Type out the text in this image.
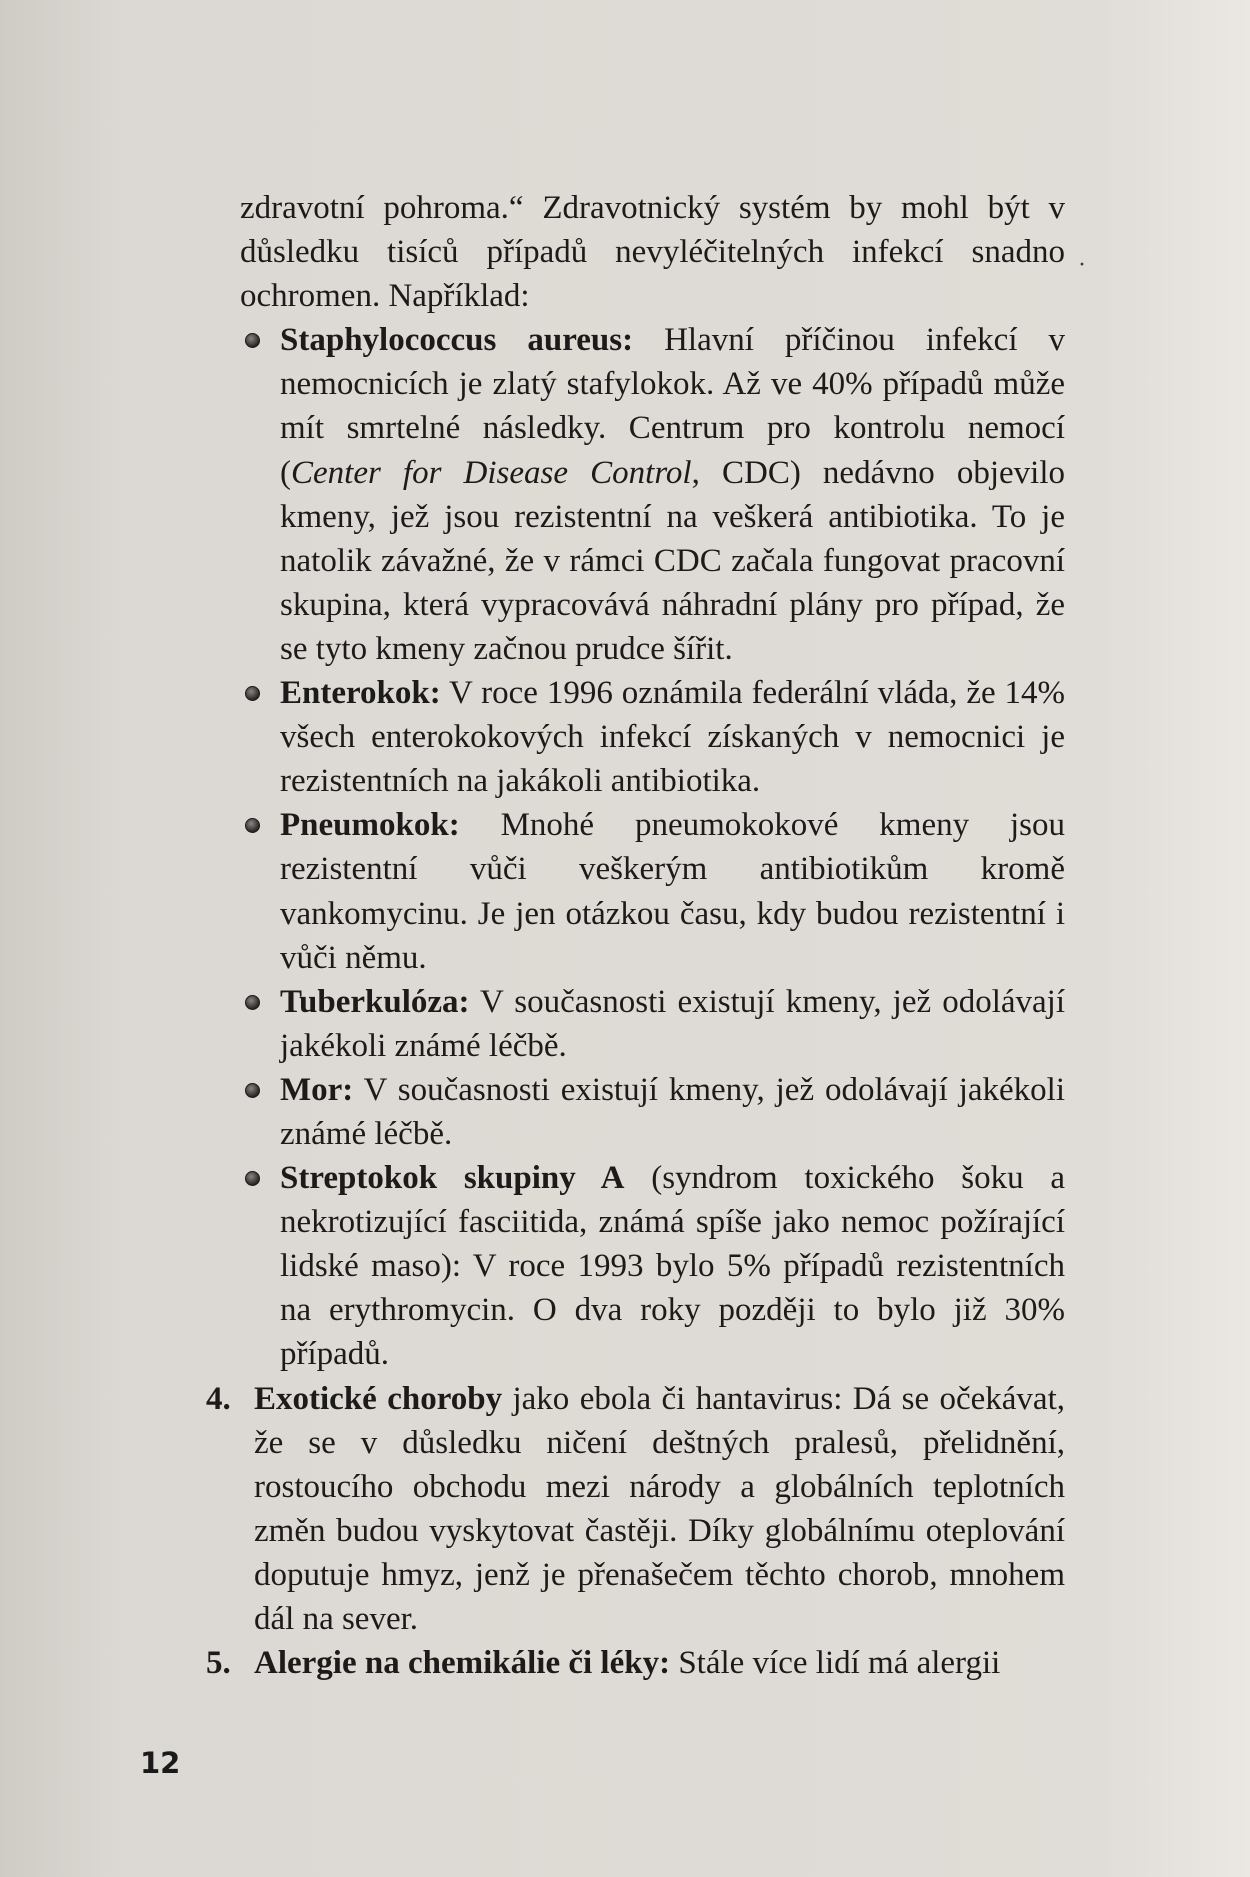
·

zdravotní pohroma.“ Zdravotnický systém by mohl být v důsledku tisíců případů nevyléčitelných infekcí snadno ochromen. Například:

Staphylococcus aureus: Hlavní příčinou infekcí v nemocnicích je zlatý stafylokok. Až ve 40% případů může mít smrtelné následky. Centrum pro kontrolu nemocí (Center for Disease Control, CDC) nedávno objevilo kmeny, jež jsou rezistentní na veškerá antibiotika. To je natolik závažné, že v rámci CDC začala fungovat pracovní skupina, která vypracovává náhradní plány pro případ, že se tyto kmeny začnou prudce šířit.
Enterokok: V roce 1996 oznámila federální vláda, že 14% všech enterokokových infekcí získaných v nemocnici je rezistentních na jakákoli antibiotika.
Pneumokok: Mnohé pneumokokové kmeny jsou rezistentní vůči veškerým antibiotikům kromě vankomycinu. Je jen otázkou času, kdy budou rezistentní i vůči němu.
Tuberkulóza: V současnosti existují kmeny, jež odolávají jakékoli známé léčbě.
Mor: V současnosti existují kmeny, jež odolávají jakékoli známé léčbě.
Streptokok skupiny A (syndrom toxického šoku a nekrotizující fasciitida, známá spíše jako nemoc požírající lidské maso): V roce 1993 bylo 5% případů rezistentních na erythromycin. O dva roky později to bylo již 30% případů.
4. Exotické choroby jako ebola či hantavirus: Dá se očekávat, že se v důsledku ničení deštných pralesů, přelidnění, rostoucího obchodu mezi národy a globálních teplotních změn budou vyskytovat častěji. Díky globálnímu oteplování doputuje hmyz, jenž je přenašečem těchto chorob, mnohem dál na sever.
5. Alergie na chemikálie či léky: Stále více lidí má alergii
12
